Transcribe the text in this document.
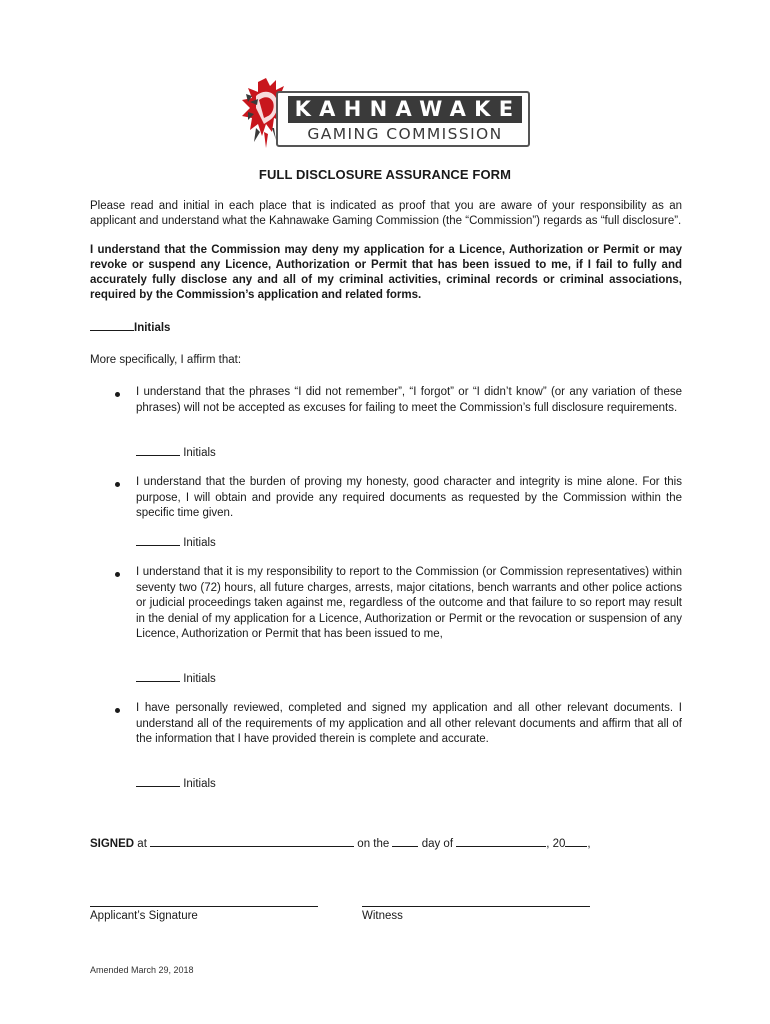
KAHNAWAKE
GAMING COMMISSION
FULL DISCLOSURE ASSURANCE FORM
Please read and initial in each place that is indicated as proof that you are aware of your responsibility as an applicant and understand what the Kahnawake Gaming Commission (the “Commission”) regards as “full disclosure”.
I understand that the Commission may deny my application for a Licence, Authorization or Permit or may revoke or suspend any Licence, Authorization or Permit that has been issued to me, if I fail to fully and accurately fully disclose any and all of my criminal activities, criminal records or criminal associations, required by the Commission’s application and related forms.
Initials
More specifically, I affirm that:
I understand that the phrases “I did not remember”, “I forgot” or “I didn’t know” (or any variation of these phrases) will not be accepted as excuses for failing to meet the Commission’s full disclosure requirements.
Initials
I understand that the burden of proving my honesty, good character and integrity is mine alone. For this purpose, I will obtain and provide any required documents as requested by the Commission within the specific time given.
Initials
I understand that it is my responsibility to report to the Commission (or Commission representatives) within seventy two (72) hours, all future charges, arrests, major citations, bench warrants and other police actions or judicial proceedings taken against me, regardless of the outcome and that failure to so report may result in the denial of my application for a Licence, Authorization or Permit or the revocation or suspension of any Licence, Authorization or Permit that has been issued to me,
Initials
I have personally reviewed, completed and signed my application and all other relevant documents. I understand all of the requirements of my application and all other relevant documents and affirm that all of the information that I have provided therein is complete and accurate.
Initials
SIGNED at	on the	day of	, 20 ,
Applicant’s Signature	Witness
Amended March 29, 2018
